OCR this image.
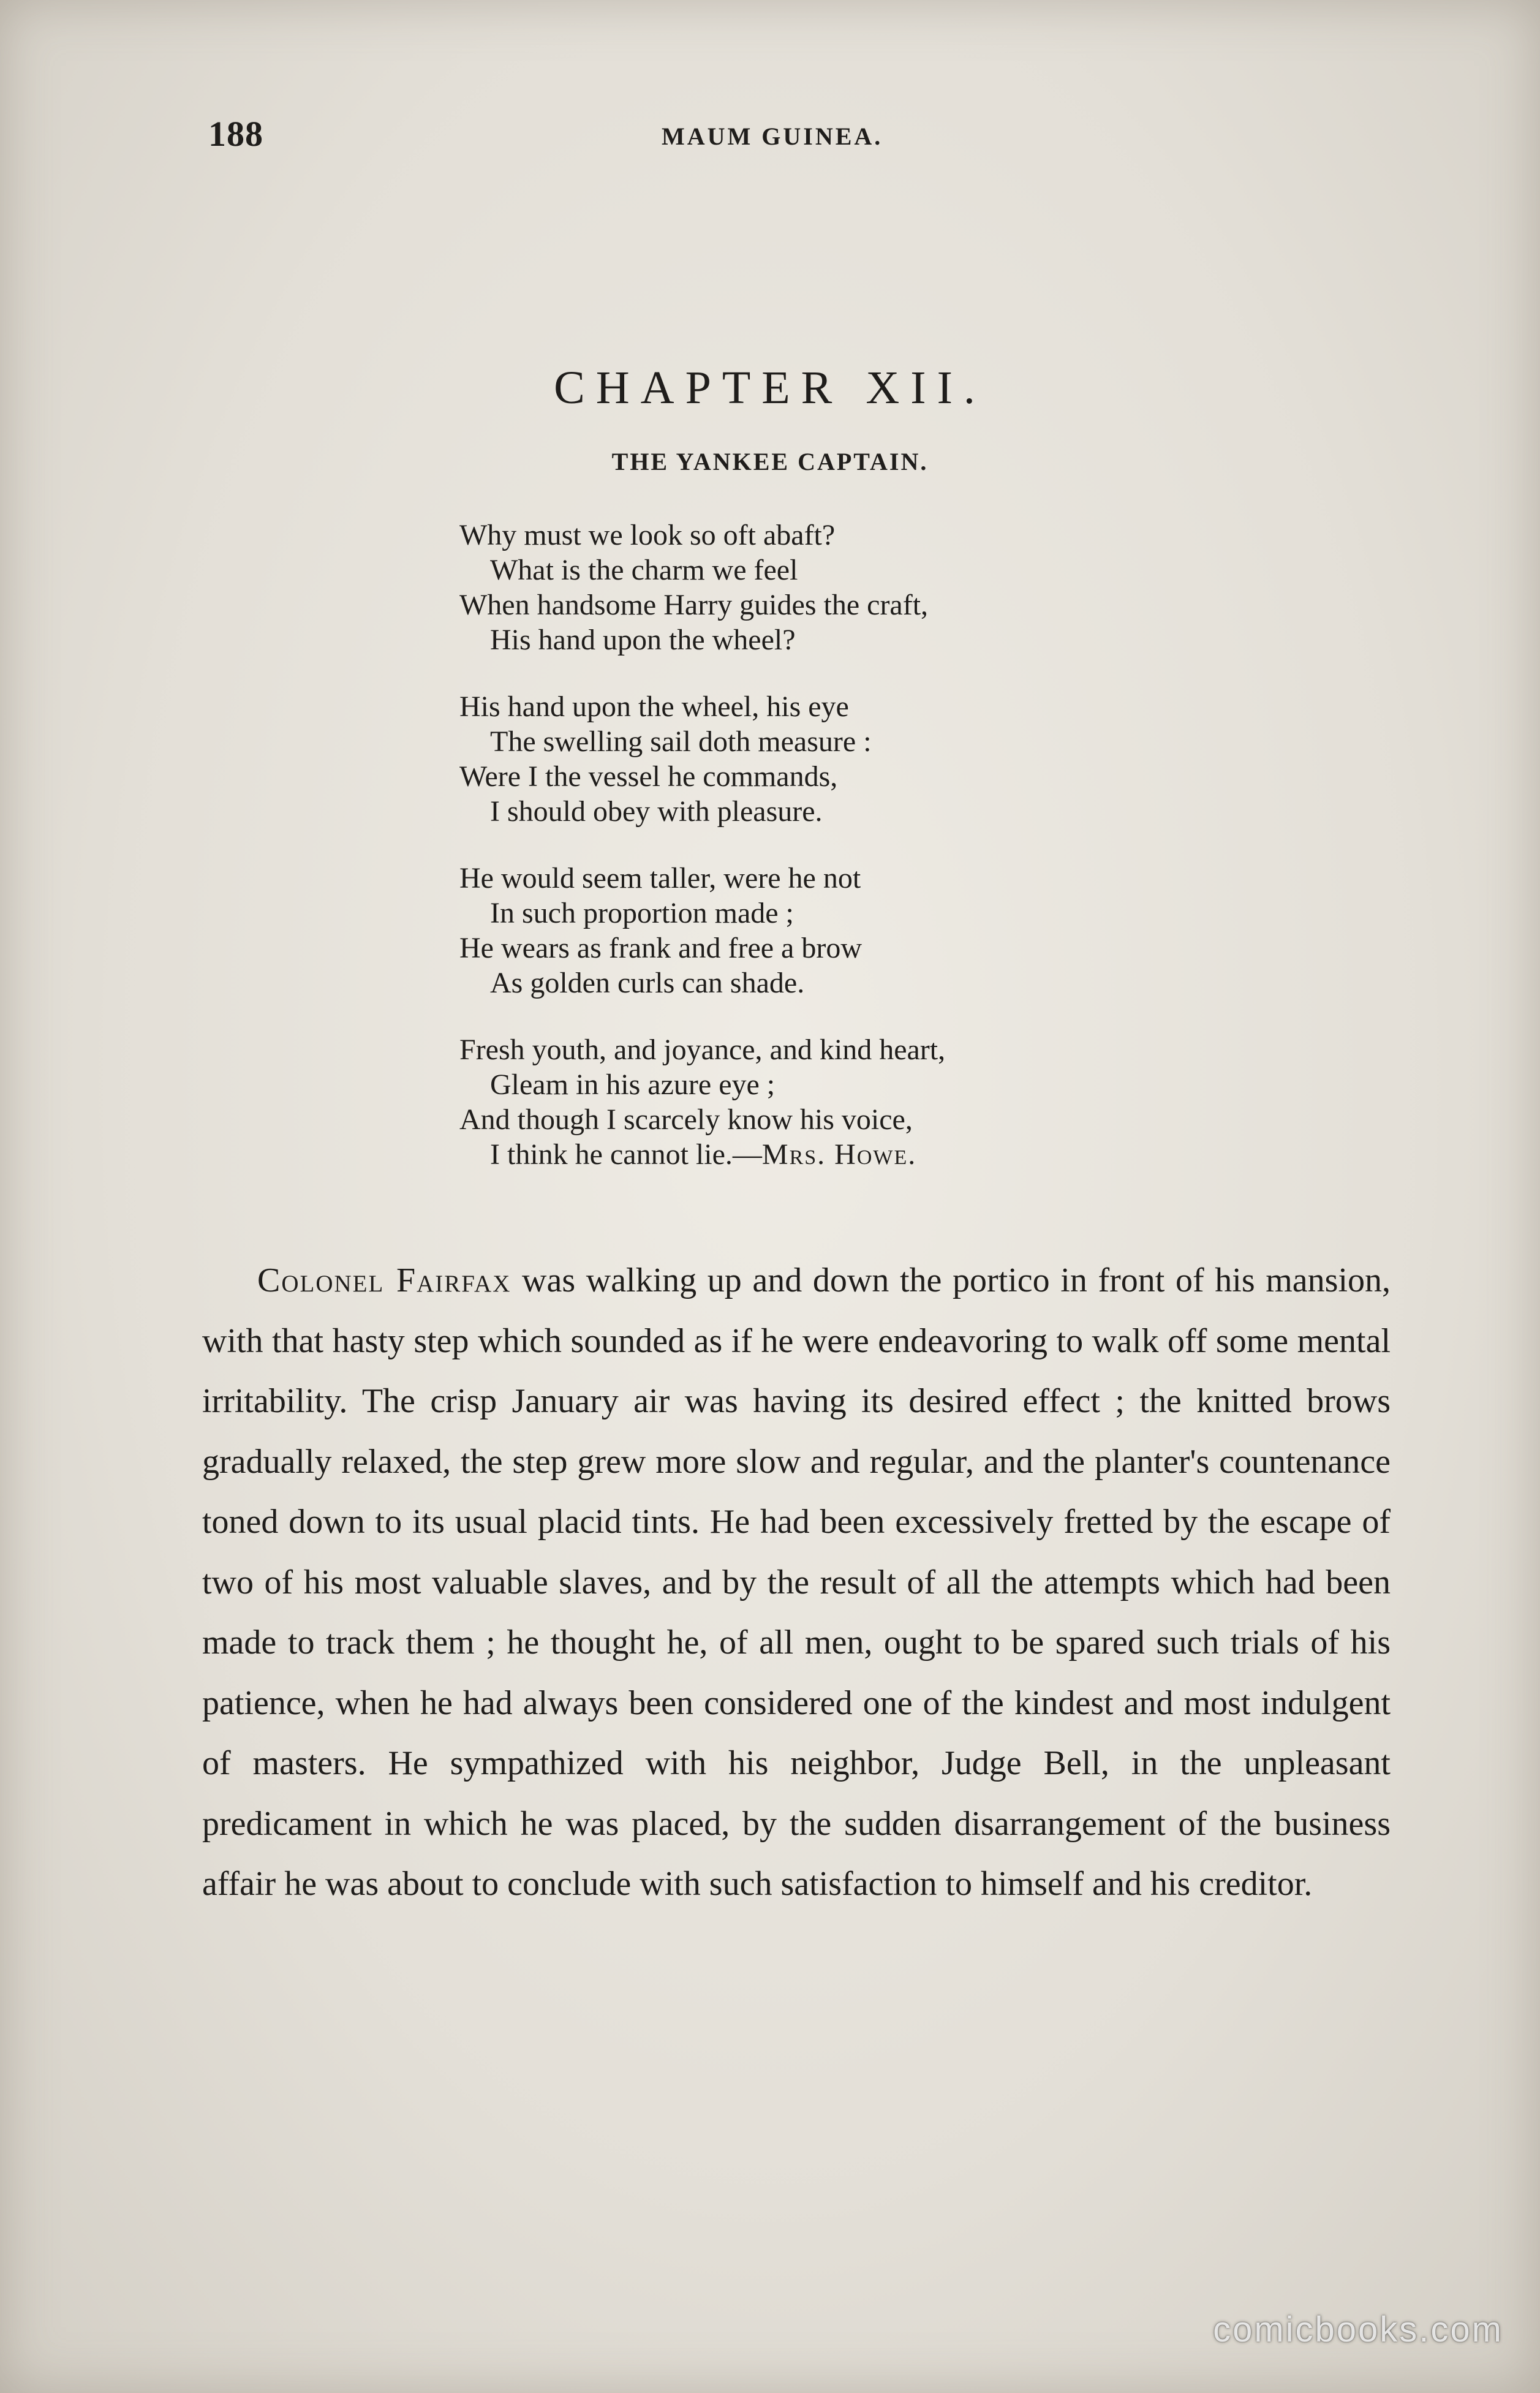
188	MAUM GUINEA.
CHAPTER XII.
THE YANKEE CAPTAIN.
Why must we look so oft abaft?
What is the charm we feel
When handsome Harry guides the craft,
His hand upon the wheel?
His hand upon the wheel, his eye
The swelling sail doth measure :
Were I the vessel he commands,
I should obey with pleasure.
He would seem taller, were he not
In such proportion made ;
He wears as frank and free a brow
As golden curls can shade.
Fresh youth, and joyance, and kind heart,
Gleam in his azure eye ;
And though I scarcely know his voice,
I think he cannot lie.—Mrs. Howe.

Colonel Fairfax was walking up and down the portico in front of his mansion, with that hasty step which sounded as if he were endeavoring to walk off some mental irritability. The crisp January air was having its desired effect ; the knitted brows gradually relaxed, the step grew more slow and regular, and the planter's countenance toned down to its usual placid tints. He had been excessively fretted by the escape of two of his most valuable slaves, and by the result of all the attempts which had been made to track them ; he thought he, of all men, ought to be spared such trials of his patience, when he had always been considered one of the kindest and most indulgent of masters. He sympathized with his neighbor, Judge Bell, in the unpleasant predicament in which he was placed, by the sudden disarrangement of the business affair he was about to conclude with such satisfaction to himself and his creditor.

comicbooks.com
